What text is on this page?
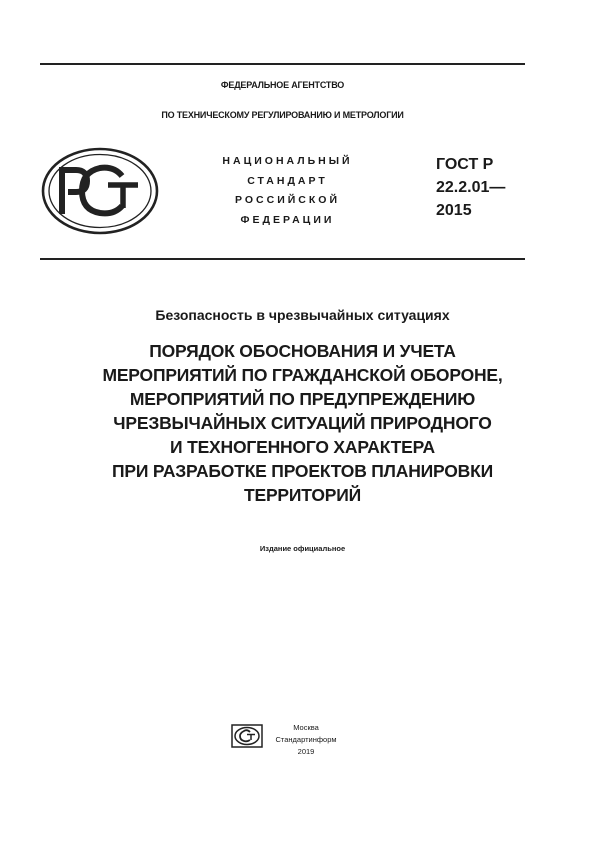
ФЕДЕРАЛЬНОЕ АГЕНТСТВО
ПО ТЕХНИЧЕСКОМУ РЕГУЛИРОВАНИЮ И МЕТРОЛОГИИ
НАЦИОНАЛЬНЫЙ
СТАНДАРТ
РОССИЙСКОЙ
ФЕДЕРАЦИИ
ГОСТ Р
22.2.01—
2015
Безопасность в чрезвычайных ситуациях
ПОРЯДОК ОБОСНОВАНИЯ И УЧЕТА
МЕРОПРИЯТИЙ ПО ГРАЖДАНСКОЙ ОБОРОНЕ,
МЕРОПРИЯТИЙ ПО ПРЕДУПРЕЖДЕНИЮ
ЧРЕЗВЫЧАЙНЫХ СИТУАЦИЙ ПРИРОДНОГО
И ТЕХНОГЕННОГО ХАРАКТЕРА
ПРИ РАЗРАБОТКЕ ПРОЕКТОВ ПЛАНИРОВКИ
ТЕРРИТОРИЙ
Издание официальное
Москва
Стандартинформ
2019
